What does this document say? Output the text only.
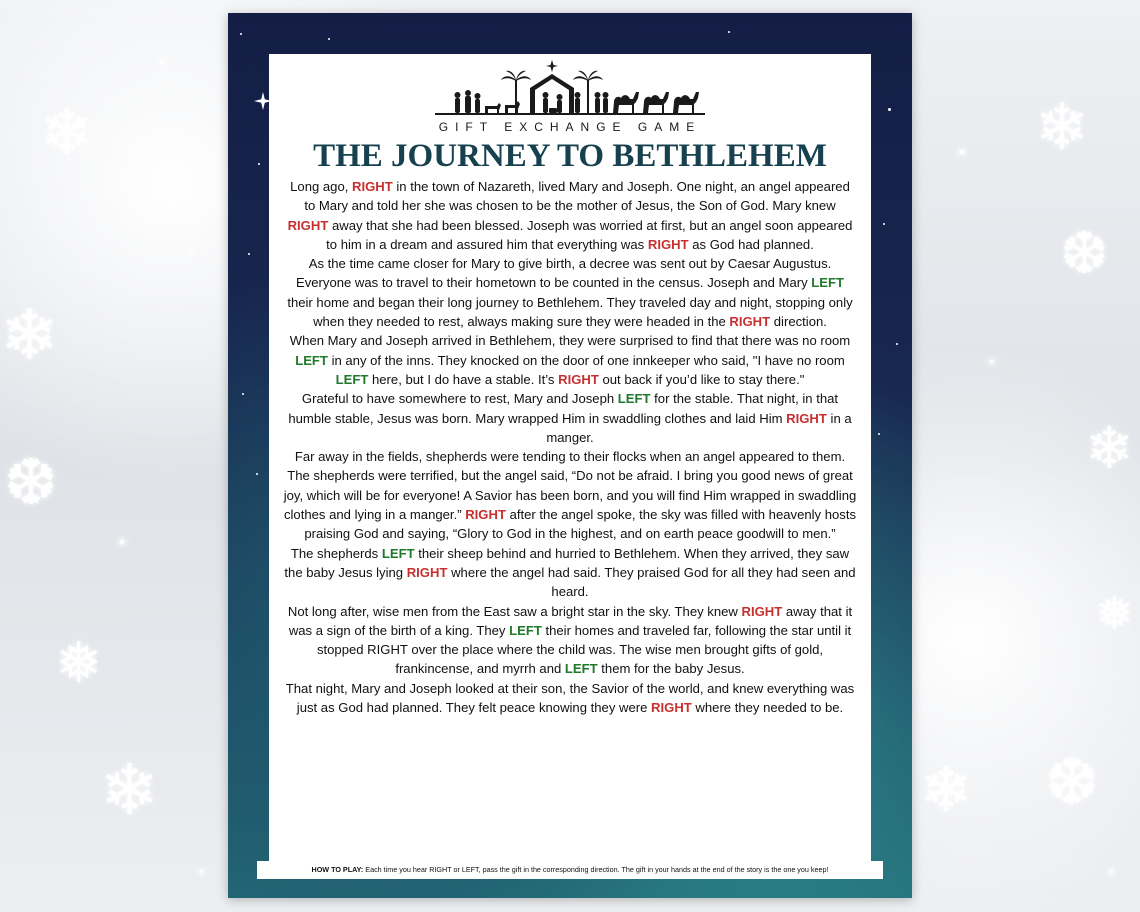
❄
❄
❆
❅
❄
❄
❆
❄
❅
❄ ❆
GIFT EXCHANGE GAME
THE JOURNEY TO BETHLEHEM

Long ago, RIGHT in the town of Nazareth, lived Mary and Joseph. One night, an angel appeared to Mary and told her she was chosen to be the mother of Jesus, the Son of God. Mary knew RIGHT away that she had been blessed. Joseph was worried at first, but an angel soon appeared to him in a dream and assured him that everything was RIGHT as God had planned.

As the time came closer for Mary to give birth, a decree was sent out by Caesar Augustus. Everyone was to travel to their hometown to be counted in the census. Joseph and Mary LEFT their home and began their long journey to Bethlehem. They traveled day and night, stopping only when they needed to rest, always making sure they were headed in the RIGHT direction.

When Mary and Joseph arrived in Bethlehem, they were surprised to find that there was no room LEFT in any of the inns. They knocked on the door of one innkeeper who said, "I have no room LEFT here, but I do have a stable. It’s RIGHT out back if you’d like to stay there."

Grateful to have somewhere to rest, Mary and Joseph LEFT for the stable. That night, in that humble stable, Jesus was born. Mary wrapped Him in swaddling clothes and laid Him RIGHT in a manger.

Far away in the fields, shepherds were tending to their flocks when an angel appeared to them. The shepherds were terrified, but the angel said, “Do not be afraid. I bring you good news of great joy, which will be for everyone! A Savior has been born, and you will find Him wrapped in swaddling clothes and lying in a manger.” RIGHT after the angel spoke, the sky was filled with heavenly hosts praising God and saying, “Glory to God in the highest, and on earth peace goodwill to men.”

The shepherds LEFT their sheep behind and hurried to Bethlehem. When they arrived, they saw the baby Jesus lying RIGHT where the angel had said. They praised God for all they had seen and heard.

Not long after, wise men from the East saw a bright star in the sky. They knew RIGHT away that it was a sign of the birth of a king. They LEFT their homes and traveled far, following the star until it stopped RIGHT over the place where the child was. The wise men brought gifts of gold, frankincense, and myrrh and LEFT them for the baby Jesus.

That night, Mary and Joseph looked at their son, the Savior of the world, and knew everything was just as God had planned. They felt peace knowing they were RIGHT where they needed to be.

HOW TO PLAY: Each time you hear RIGHT or LEFT, pass the gift in the corresponding direction. The gift in your hands at the end of the story is the one you keep!
